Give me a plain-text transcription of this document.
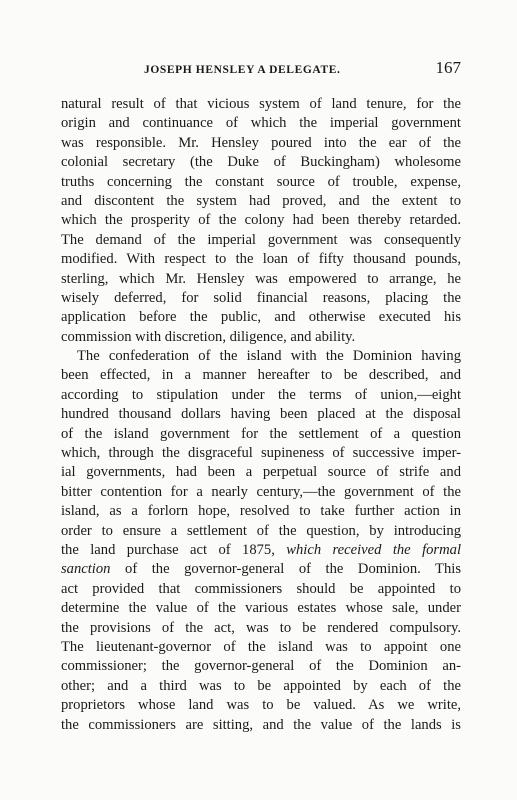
JOSEPH HENSLEY A DELEGATE.	167
natural result of that vicious system of land tenure, for the
origin and continuance of which the imperial government
was responsible. Mr. Hensley poured into the ear of the
colonial secretary (the Duke of Buckingham) wholesome
truths concerning the constant source of trouble, expense,
and discontent the system had proved, and the extent to
which the prosperity of the colony had been thereby retarded.
The demand of the imperial government was consequently
modified. With respect to the loan of fifty thousand pounds,
sterling, which Mr. Hensley was empowered to arrange, he
wisely deferred, for solid financial reasons, placing the
application before the public, and otherwise executed his
commission with discretion, diligence, and ability.
The confederation of the island with the Dominion having
been effected, in a manner hereafter to be described, and
according to stipulation under the terms of union,—eight
hundred thousand dollars having been placed at the disposal
of the island government for the settlement of a question
which, through the disgraceful supineness of successive imper-
ial governments, had been a perpetual source of strife and
bitter contention for a nearly century,—the government of the
island, as a forlorn hope, resolved to take further action in
order to ensure a settlement of the question, by introducing
the land purchase act of 1875, which received the formal
sanction of the governor-general of the Dominion. This
act provided that commissioners should be appointed to
determine the value of the various estates whose sale, under
the provisions of the act, was to be rendered compulsory.
The lieutenant-governor of the island was to appoint one
commissioner; the governor-general of the Dominion an-
other; and a third was to be appointed by each of the
proprietors whose land was to be valued. As we write,
the commissioners are sitting, and the value of the lands is
